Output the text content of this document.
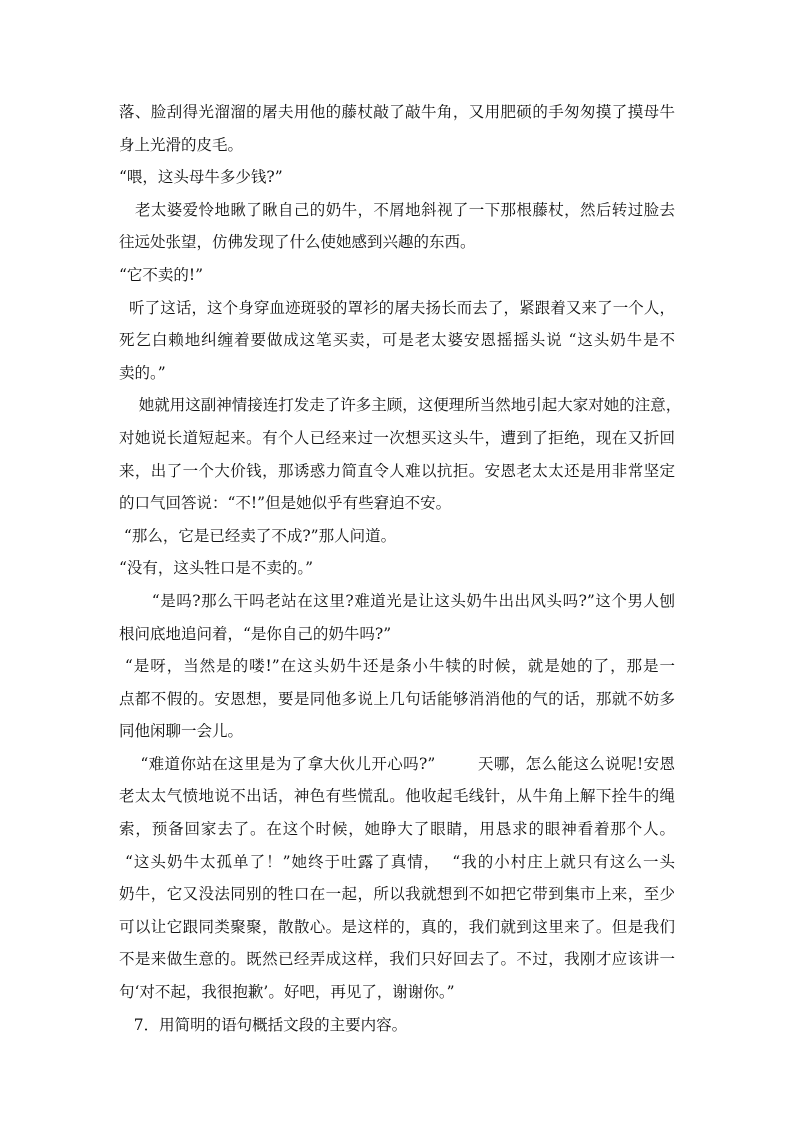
落、脸刮得光溜溜的屠夫用他的藤杖敲了敲牛角，又用肥硕的手匆匆摸了摸母牛
身上光滑的皮毛。
“喂，这头母牛多少钱?”
老太婆爱怜地瞅了瞅自己的奶牛，不屑地斜视了一下那根藤杖，然后转过脸去
往远处张望，仿佛发现了什么使她感到兴趣的东西。
“它不卖的!”
听了这话，这个身穿血迹斑驳的罩衫的屠夫扬长而去了，紧跟着又来了一个人，
死乞白赖地纠缠着要做成这笔买卖，可是老太婆安恩摇摇头说 “这头奶牛是不
卖的。”
她就用这副神情接连打发走了许多主顾，这便理所当然地引起大家对她的注意，
对她说长道短起来。有个人已经来过一次想买这头牛，遭到了拒绝，现在又折回
来，出了一个大价钱，那诱惑力简直令人难以抗拒。安恩老太太还是用非常坚定
的口气回答说：“不!”但是她似乎有些窘迫不安。
“那么，它是已经卖了不成?”那人问道。
“没有，这头牲口是不卖的。”
“是吗?那么干吗老站在这里?难道光是让这头奶牛出出风头吗?”这个男人刨
根问底地追问着，“是你自己的奶牛吗?”
“是呀，当然是的喽!”在这头奶牛还是条小牛犊的时候，就是她的了，那是一
点都不假的。安恩想，要是同他多说上几句话能够消消他的气的话，那就不妨多
同他闲聊一会儿。
“难道你站在这里是为了拿大伙儿开心吗?”        天哪，怎么能这么说呢!安恩
老太太气愤地说不出话，神色有些慌乱。他收起毛线针，从牛角上解下拴牛的绳
索，预备回家去了。在这个时候，她睁大了眼睛，用恳求的眼神看着那个人。
“这头奶牛太孤单了！”她终于吐露了真情，  “我的小村庄上就只有这么一头
奶牛，它又没法同别的牲口在一起，所以我就想到不如把它带到集市上来，至少
可以让它跟同类聚聚，散散心。是这样的，真的，我们就到这里来了。但是我们
不是来做生意的。既然已经弄成这样，我们只好回去了。不过，我刚才应该讲一
句‘对不起，我很抱歉’。好吧，再见了，谢谢你。”
7．用简明的语句概括文段的主要内容。
